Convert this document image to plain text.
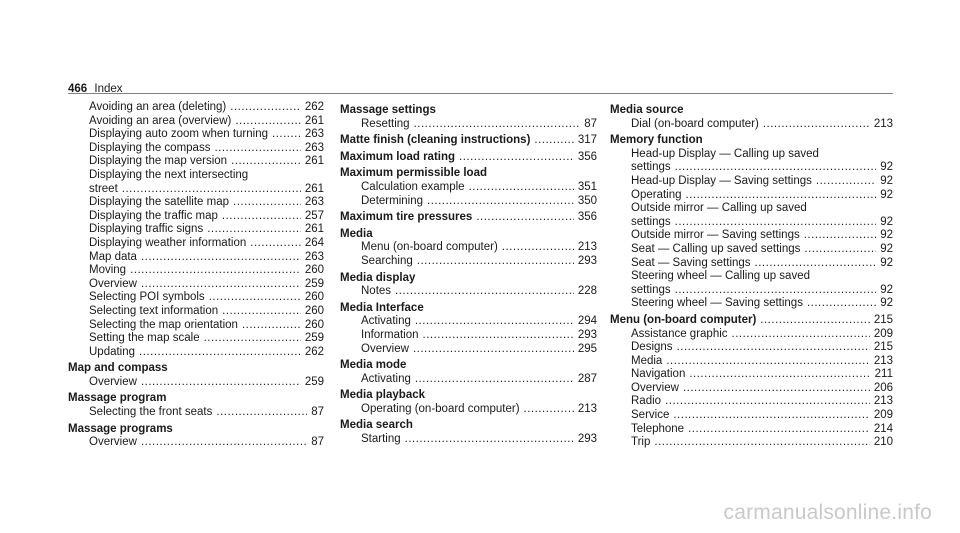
466 Index
Avoiding an area (deleting) .....	262
Avoiding an area (overview) .....	261
Displaying auto zoom when turning .....	263
Displaying the compass .....	263
Displaying the map version .....	261
Displaying the next intersecting
street .....	261
Displaying the satellite map .....	263
Displaying the traffic map .....	257
Displaying traffic signs .....	261
Displaying weather information .....	264
Map data .....	263
Moving .....	260
Overview .....	259
Selecting POI symbols .....	260
Selecting text information .....	260
Selecting the map orientation .....	260
Setting the map scale .....	259
Updating .....	262
Map and compass
Overview .....	259
Massage program
Selecting the front seats .....	87
Massage programs
Overview .....	87
Massage settings
Resetting .....	87
Matte finish (cleaning instructions) .....	317
Maximum load rating .....	356
Maximum permissible load
Calculation example .....	351
Determining .....	350
Maximum tire pressures .....	356
Media
Menu (on-board computer) .....	213
Searching .....	293
Media display
Notes .....	228
Media Interface
Activating .....	294
Information .....	293
Overview .....	295
Media mode
Activating .....	287
Media playback
Operating (on-board computer) .....	213
Media search
Starting .....	293
Media source
Dial (on-board computer) .....	213
Memory function
Head-up Display — Calling up saved
settings .....	92
Head-up Display — Saving settings .....	92
Operating .....	92
Outside mirror — Calling up saved
settings .....	92
Outside mirror — Saving settings .....	92
Seat — Calling up saved settings .....	92
Seat — Saving settings .....	92
Steering wheel — Calling up saved
settings .....	92
Steering wheel — Saving settings .....	92
Menu (on-board computer) .....	215
Assistance graphic .....	209
Designs .....	215
Media .....	213
Navigation .....	211
Overview .....	206
Radio .....	213
Service .....	209
Telephone .....	214
Trip .....	210
carmanualsonline.info
